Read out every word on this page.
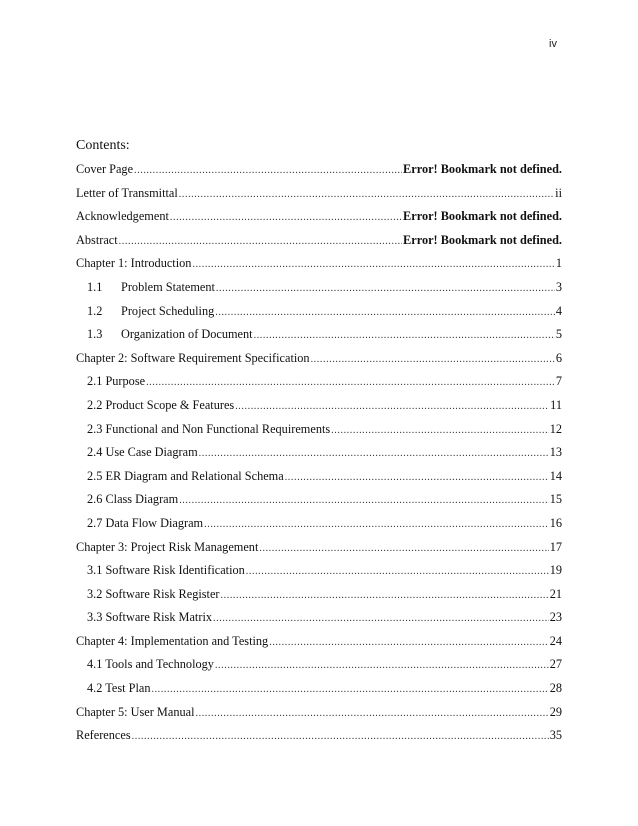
iv
Contents:
Cover Page .....	Error! Bookmark not defined.
Letter of Transmittal .....	ii
Acknowledgement .....	Error! Bookmark not defined.
Abstract .....	Error! Bookmark not defined.
Chapter 1: Introduction .....	1
1.1	Problem Statement .....	3
1.2	Project Scheduling .....	4
1.3	Organization of Document .....	5
Chapter 2: Software Requirement Specification .....	6
2.1 Purpose .....	7
2.2 Product Scope & Features .....	11
2.3 Functional and Non Functional Requirements .....	12
2.4 Use Case Diagram .....	13
2.5 ER Diagram and Relational Schema .....	14
2.6 Class Diagram .....	15
2.7 Data Flow Diagram .....	16
Chapter 3: Project Risk Management .....	17
3.1 Software Risk Identification .....	19
3.2 Software Risk Register .....	21
3.3 Software Risk Matrix .....	23
Chapter 4: Implementation and Testing .....	24
4.1 Tools and Technology .....	27
4.2 Test Plan .....	28
Chapter 5: User Manual .....	29
References .....	35
